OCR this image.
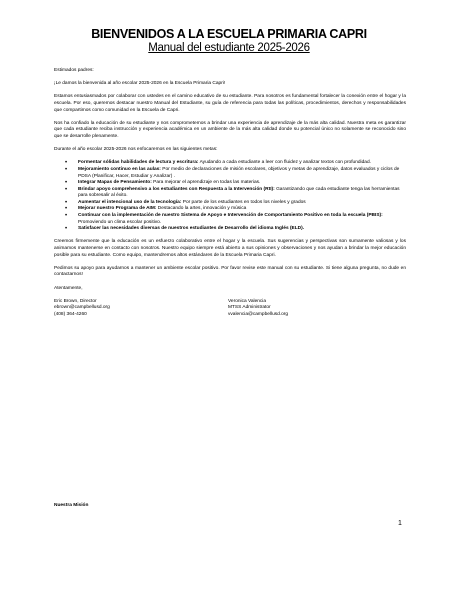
BIENVENIDOS A LA ESCUELA PRIMARIA CAPRI
Manual del estudiante 2025-2026

Estimados padres:

¡Le damos la bienvenida al año escolar 2025-2026 en la Escuela Primaria Capri!

Estamos entusiasmados por colaborar con ustedes en el camino educativo de su estudiante. Para nosotros es fundamental fortalecer la conexión entre el hogar y la escuela. Por eso, queremos destacar nuestro Manual del Estudiante, su guía de referencia para todas las políticas, procedimientos, derechos y responsabilidades que compartimos como comunidad en la Escuela de Capri.

Nos ha confiado la educación de su estudiante y nos comprometemos a brindar una experiencia de aprendizaje de la más alta calidad. Nuestra meta es garantizar que cada estudiante reciba instrucción y experiencia académica en un ambiente de la más alta calidad donde su potencial único no solamente se reconocido sino que se desarrolle plenamente.

Durante el año escolar 2025-2026 nos enfocaremos en las siguientes metas:

• Formentar sólidas habilidades de lectura y escritura: Ayudando a cada estudiante a leer con fluidez y analizar textos con profundidad.
• Mejoramiento continuo en las aulas: Por medio de declaraciones de misión escolares, objetivos y metas de aprendizaje, datos evaluados y ciclos de PDSA (Planificar, Hacer, Estudiar y Analizar) .
• Integrar Mapas de Pensamiento: Para mejorar el aprendizaje en todas las materias.
• Brindar apoyo comprehensivo a los estudiantes con Respuesta a la Intervención (RtI): Garantizando que cada estudiante tenga las herramientas para sobresalir al éxito.
• Aumentar el intencional uso de la tecnología: Por parte de los estudiantes en todos los niveles y grados
• Mejorar nuestro Programa de AIM: Destacando la artes, innovación y música
• Continuar con la implementación de nuestro Sistema de Apoyo e Intervención de Comportamiento Positivo en toda la escuela (PBIS): Promoviendo un clima escolar positivo.
• Satisfacer las necesidades diversas de nuestros estudiantes de Desarrollo del idioma Inglés (ELD).

Creemos firmemente que la educación es un esfuerzo colaborativo entre el hogar y la escuela. Sus sugerencias y perspectivas son sumamente valiosas y los animamos mantenerse en contacto con nosotros. Nuestro equipo siempre está abierto a sus opiniones y observaciones y nos ayudan a brindar la mejor educación posible para su estudiante. Como equipo, mantendremos altos estándares de la Escuela Primaria Capri.

Pedimos su apoyo para ayudarnos a mantener un ambiente escolar positivo. Por favor revise este manual con su estudiante. Si tiene alguna pregunta, no dude en contactarnos!

Atentamente,

Eric Brown, Director
ebrown@campbellusd.org
(408) 364-4260
Veronica Valencia
MTSS Administrator
vvalencia@campbellusd.org
Nuestra Misión
1
